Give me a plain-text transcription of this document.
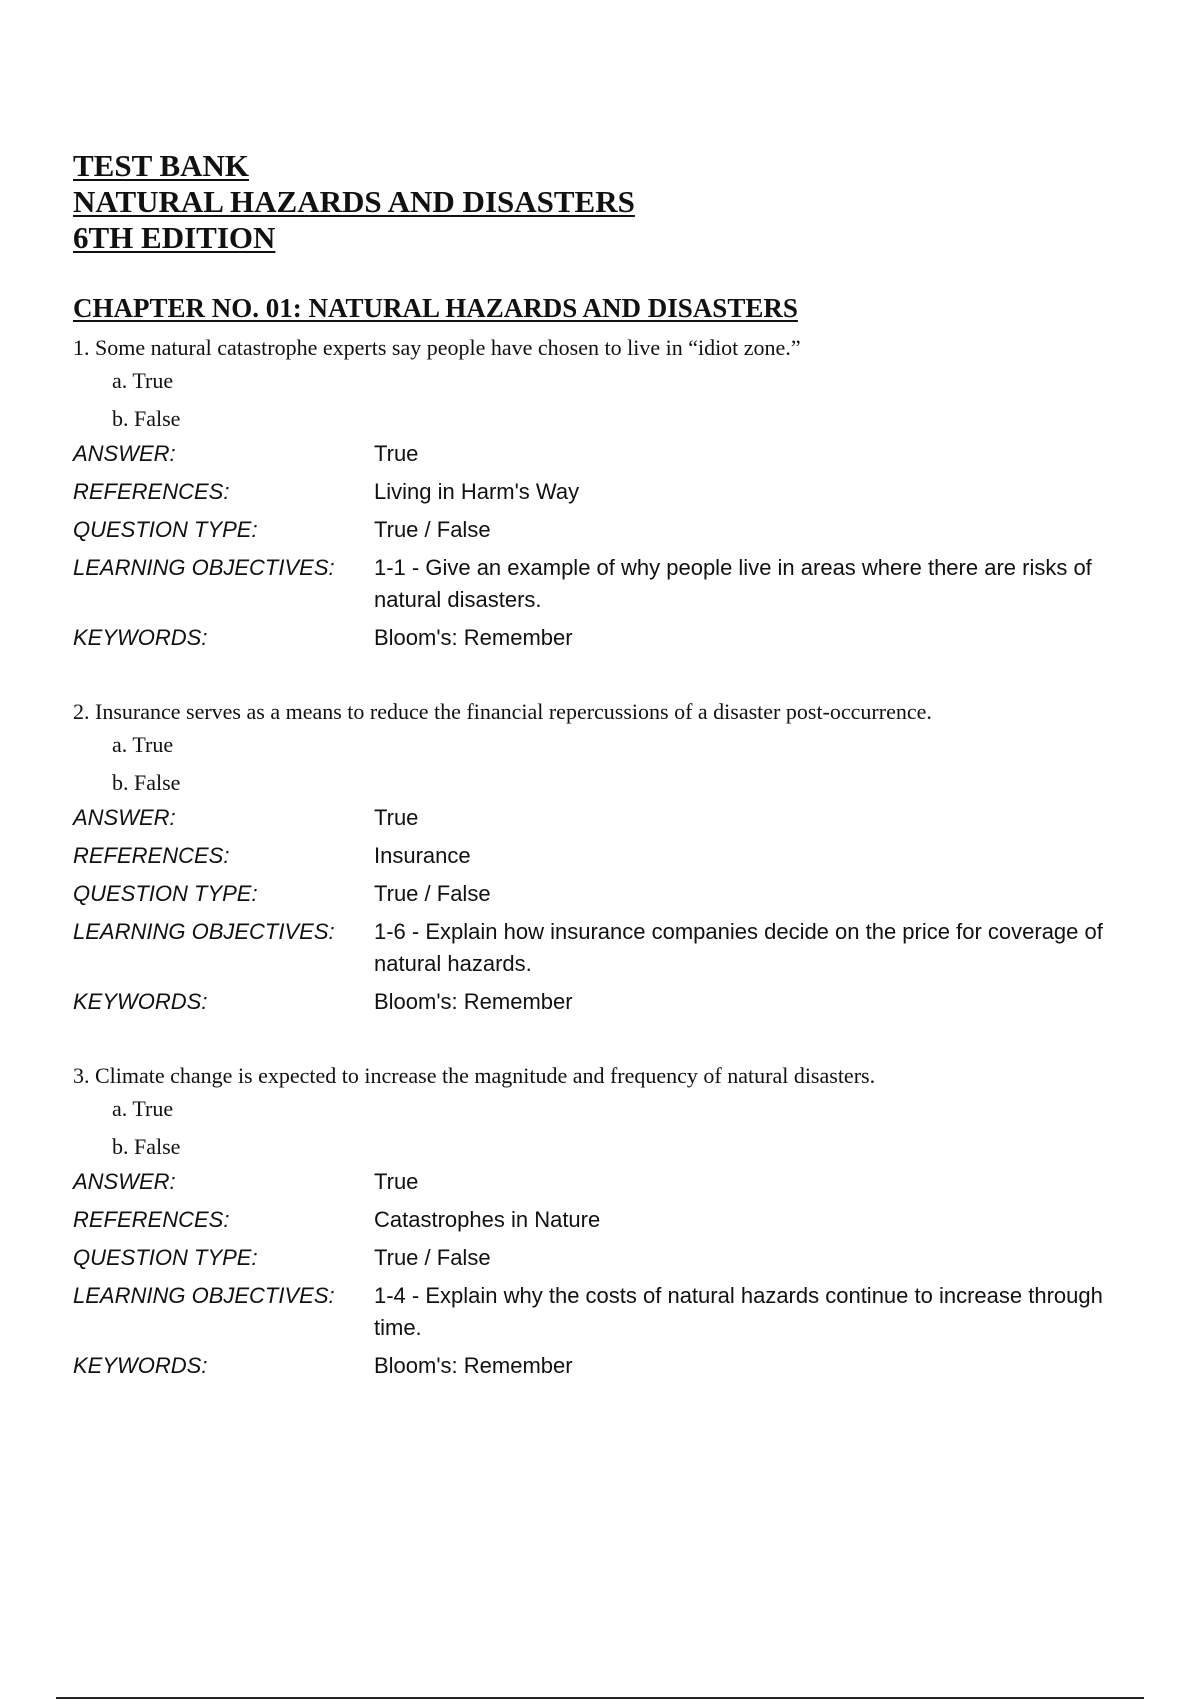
TEST BANK
NATURAL HAZARDS AND DISASTERS
6TH EDITION
CHAPTER NO. 01: NATURAL HAZARDS AND DISASTERS

1. Some natural catastrophe experts say people have chosen to live in “idiot zone.”

a. True

b. False

ANSWER:	True
REFERENCES:	Living in Harm's Way
QUESTION TYPE:	True / False
LEARNING OBJECTIVES:	1-1 - Give an example of why people live in areas where there are risks of natural disasters.
KEYWORDS:	Bloom's: Remember

2. Insurance serves as a means to reduce the financial repercussions of a disaster post-occurrence.

a. True

b. False

ANSWER:	True
REFERENCES:	Insurance
QUESTION TYPE:	True / False
LEARNING OBJECTIVES:	1-6 - Explain how insurance companies decide on the price for coverage of natural hazards.
KEYWORDS:	Bloom's: Remember

3. Climate change is expected to increase the magnitude and frequency of natural disasters.

a. True

b. False

ANSWER:	True
REFERENCES:	Catastrophes in Nature
QUESTION TYPE:	True / False
LEARNING OBJECTIVES:	1-4 - Explain why the costs of natural hazards continue to increase through time.
KEYWORDS:	Bloom's: Remember
